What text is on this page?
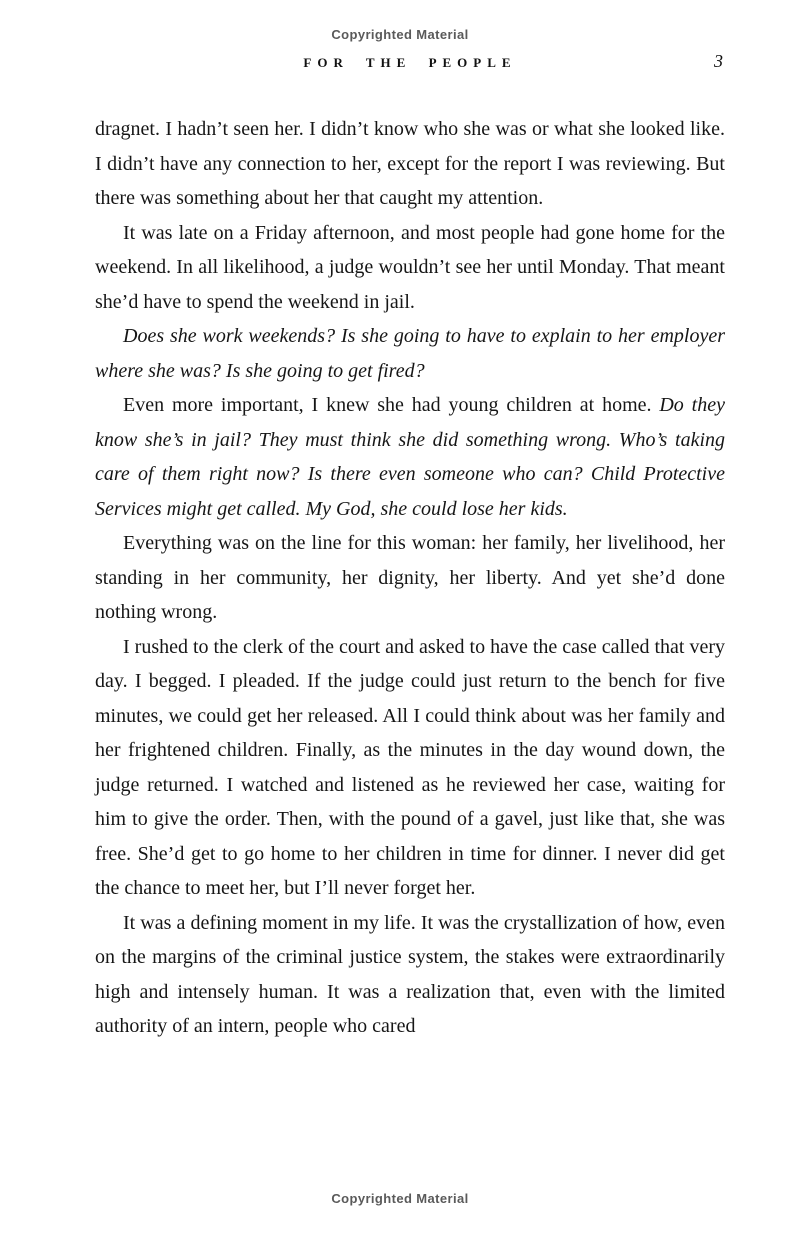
Copyrighted Material
FOR THE PEOPLE	3

dragnet. I hadn’t seen her. I didn’t know who she was or what she looked like. I didn’t have any connection to her, except for the report I was reviewing. But there was something about her that caught my attention.

It was late on a Friday afternoon, and most people had gone home for the weekend. In all likelihood, a judge wouldn’t see her until Monday. That meant she’d have to spend the weekend in jail.

Does she work weekends? Is she going to have to explain to her employer where she was? Is she going to get fired?

Even more important, I knew she had young children at home. Do they know she’s in jail? They must think she did something wrong. Who’s taking care of them right now? Is there even someone who can? Child Protective Services might get called. My God, she could lose her kids.

Everything was on the line for this woman: her family, her livelihood, her standing in her community, her dignity, her liberty. And yet she’d done nothing wrong.

I rushed to the clerk of the court and asked to have the case called that very day. I begged. I pleaded. If the judge could just return to the bench for five minutes, we could get her released. All I could think about was her family and her frightened children. Finally, as the minutes in the day wound down, the judge returned. I watched and listened as he reviewed her case, waiting for him to give the order. Then, with the pound of a gavel, just like that, she was free. She’d get to go home to her children in time for dinner. I never did get the chance to meet her, but I’ll never forget her.

It was a defining moment in my life. It was the crystallization of how, even on the margins of the criminal justice system, the stakes were extraordinarily high and intensely human. It was a realization that, even with the limited authority of an intern, people who cared

Copyrighted Material
